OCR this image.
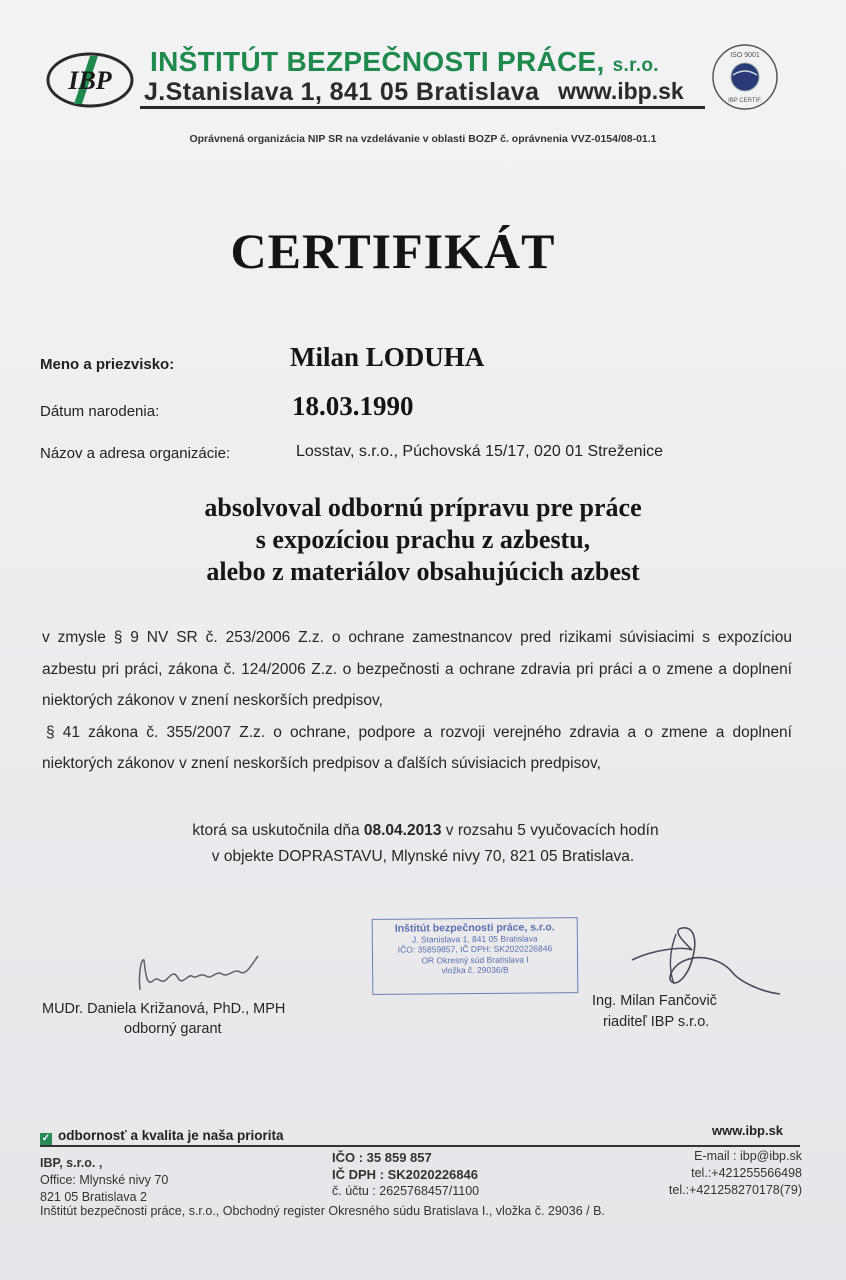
IBP
INŠTITÚT BEZPEČNOSTI PRÁCE, s.r.o.
J.Stanislava 1, 841 05 Bratislava www.ibp.sk
ISO 9001
IBP CERTIF.
Oprávnená organizácia NIP SR na vzdelávanie v oblasti BOZP č. oprávnenia VVZ-0154/08-01.1
CERTIFIKÁT
Meno a priezvisko:	Milan LODUHA
Dátum narodenia:	18.03.1990
Názov a adresa organizácie:	Losstav, s.r.o., Púchovská 15/17, 020 01 Streženice
absolvoval odbornú prípravu pre práce
s expozíciou prachu z azbestu,
alebo z materiálov obsahujúcich azbest

v zmysle § 9 NV SR č. 253/2006 Z.z. o ochrane zamestnancov pred rizikami súvisiacimi s expozíciou azbestu pri práci, zákona č. 124/2006 Z.z. o bezpečnosti a ochrane zdravia pri práci a o zmene a doplnení niektorých zákonov v znení neskorších predpisov,

§ 41 zákona č. 355/2007 Z.z. o ochrane, podpore a rozvoji verejného zdravia a o zmene a doplnení niektorých zákonov v znení neskorších predpisov a ďalších súvisiacich predpisov,

ktorá sa uskutočnila dňa 08.04.2013 v rozsahu 5 vyučovacích hodín
v objekte DOPRASTAVU, Mlynské nivy 70, 821 05 Bratislava.
MUDr. Daniela Križanová, PhD., MPH
odborný garant
Inštitút bezpečnosti práce, s.r.o.
J. Stanislava 1, 841 05 Bratislava
IČO: 35859857, IČ DPH: SK2020226846
OR Okresný súd Bratislava I
vložka č. 29036/B
Ing. Milan Fančovič
riaditeľ IBP s.r.o.
✓ odbornosť a kvalita je naša priorita	www.ibp.sk
IBP, s.r.o. ,
Office: Mlynské nivy 70
821 05 Bratislava 2
IČO : 35 859 857
IČ DPH : SK2020226846
č. účtu : 2625768457/1100
E-mail : ibp@ibp.sk
tel.:+421255566498
tel.:+421258270178(79)
Inštitút bezpečnosti práce, s.r.o., Obchodný register Okresného súdu Bratislava I., vložka č. 29036 / B.
